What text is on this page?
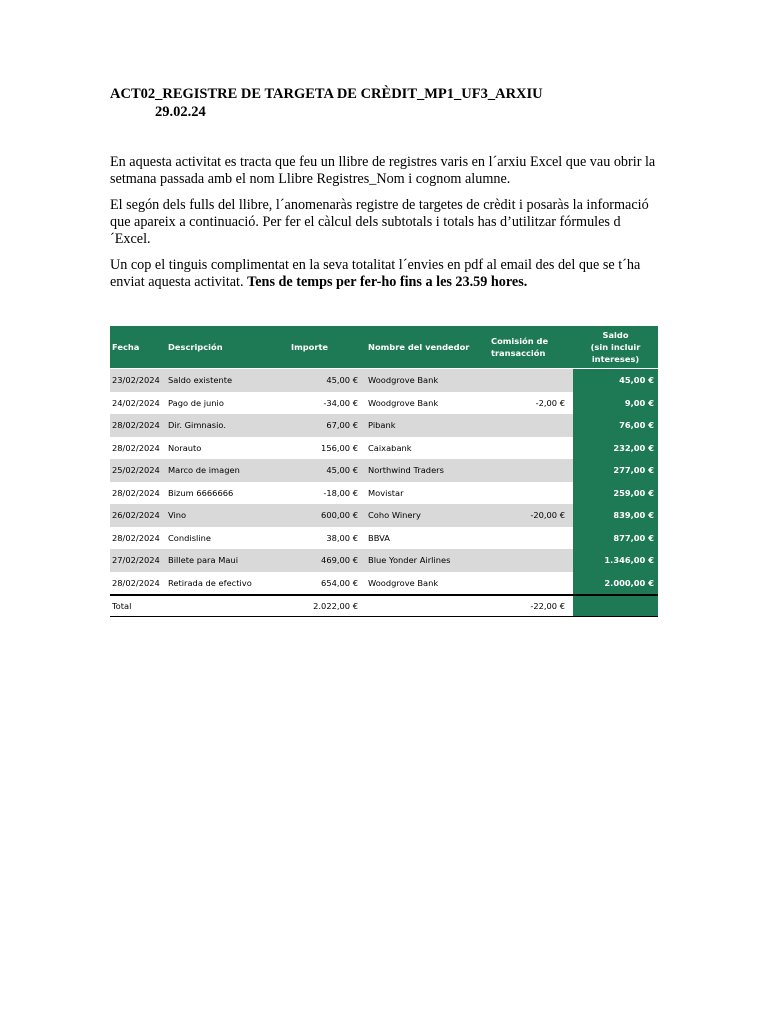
ACT02_REGISTRE DE TARGETA DE CRÈDIT_MP1_UF3_ARXIU
29.02.24

En aquesta activitat es tracta que feu un llibre de registres varis en l´arxiu Excel que vau obrir la setmana passada amb el nom Llibre Registres_Nom i cognom alumne.

El segón dels fulls del llibre, l´anomenaràs registre de targetes de crèdit i posaràs la informació que apareix a continuació. Per fer el càlcul dels subtotals i totals has d’utilitzar fórmules d ´Excel.

Un cop el tinguis complimentat en la seva totalitat l´envies en pdf al email des del que se t´ha enviat aquesta activitat. Tens de temps per fer-ho fins a les 23.59 hores.

Fecha	Descripción	Importe	Nombre del vendedor	Comisión de transacción	Saldo
(sin incluir intereses)
23/02/2024	Saldo existente	45,00 €	Woodgrove Bank		45,00 €
24/02/2024	Pago de junio	-34,00 €	Woodgrove Bank	-2,00 €	9,00 €
28/02/2024	Dir. Gimnasio.	67,00 €	Pibank		76,00 €
28/02/2024	Norauto	156,00 €	Caixabank		232,00 €
25/02/2024	Marco de imagen	45,00 €	Northwind Traders		277,00 €
28/02/2024	Bizum 6666666	-18,00 €	Movistar		259,00 €
26/02/2024	Vino	600,00 €	Coho Winery	-20,00 €	839,00 €
28/02/2024	Condisline	38,00 €	BBVA		877,00 €
27/02/2024	Billete para Maui	469,00 €	Blue Yonder Airlines		1.346,00 €
28/02/2024	Retirada de efectivo	654,00 €	Woodgrove Bank		2.000,00 €
Total		2.022,00 €		-22,00 €	
